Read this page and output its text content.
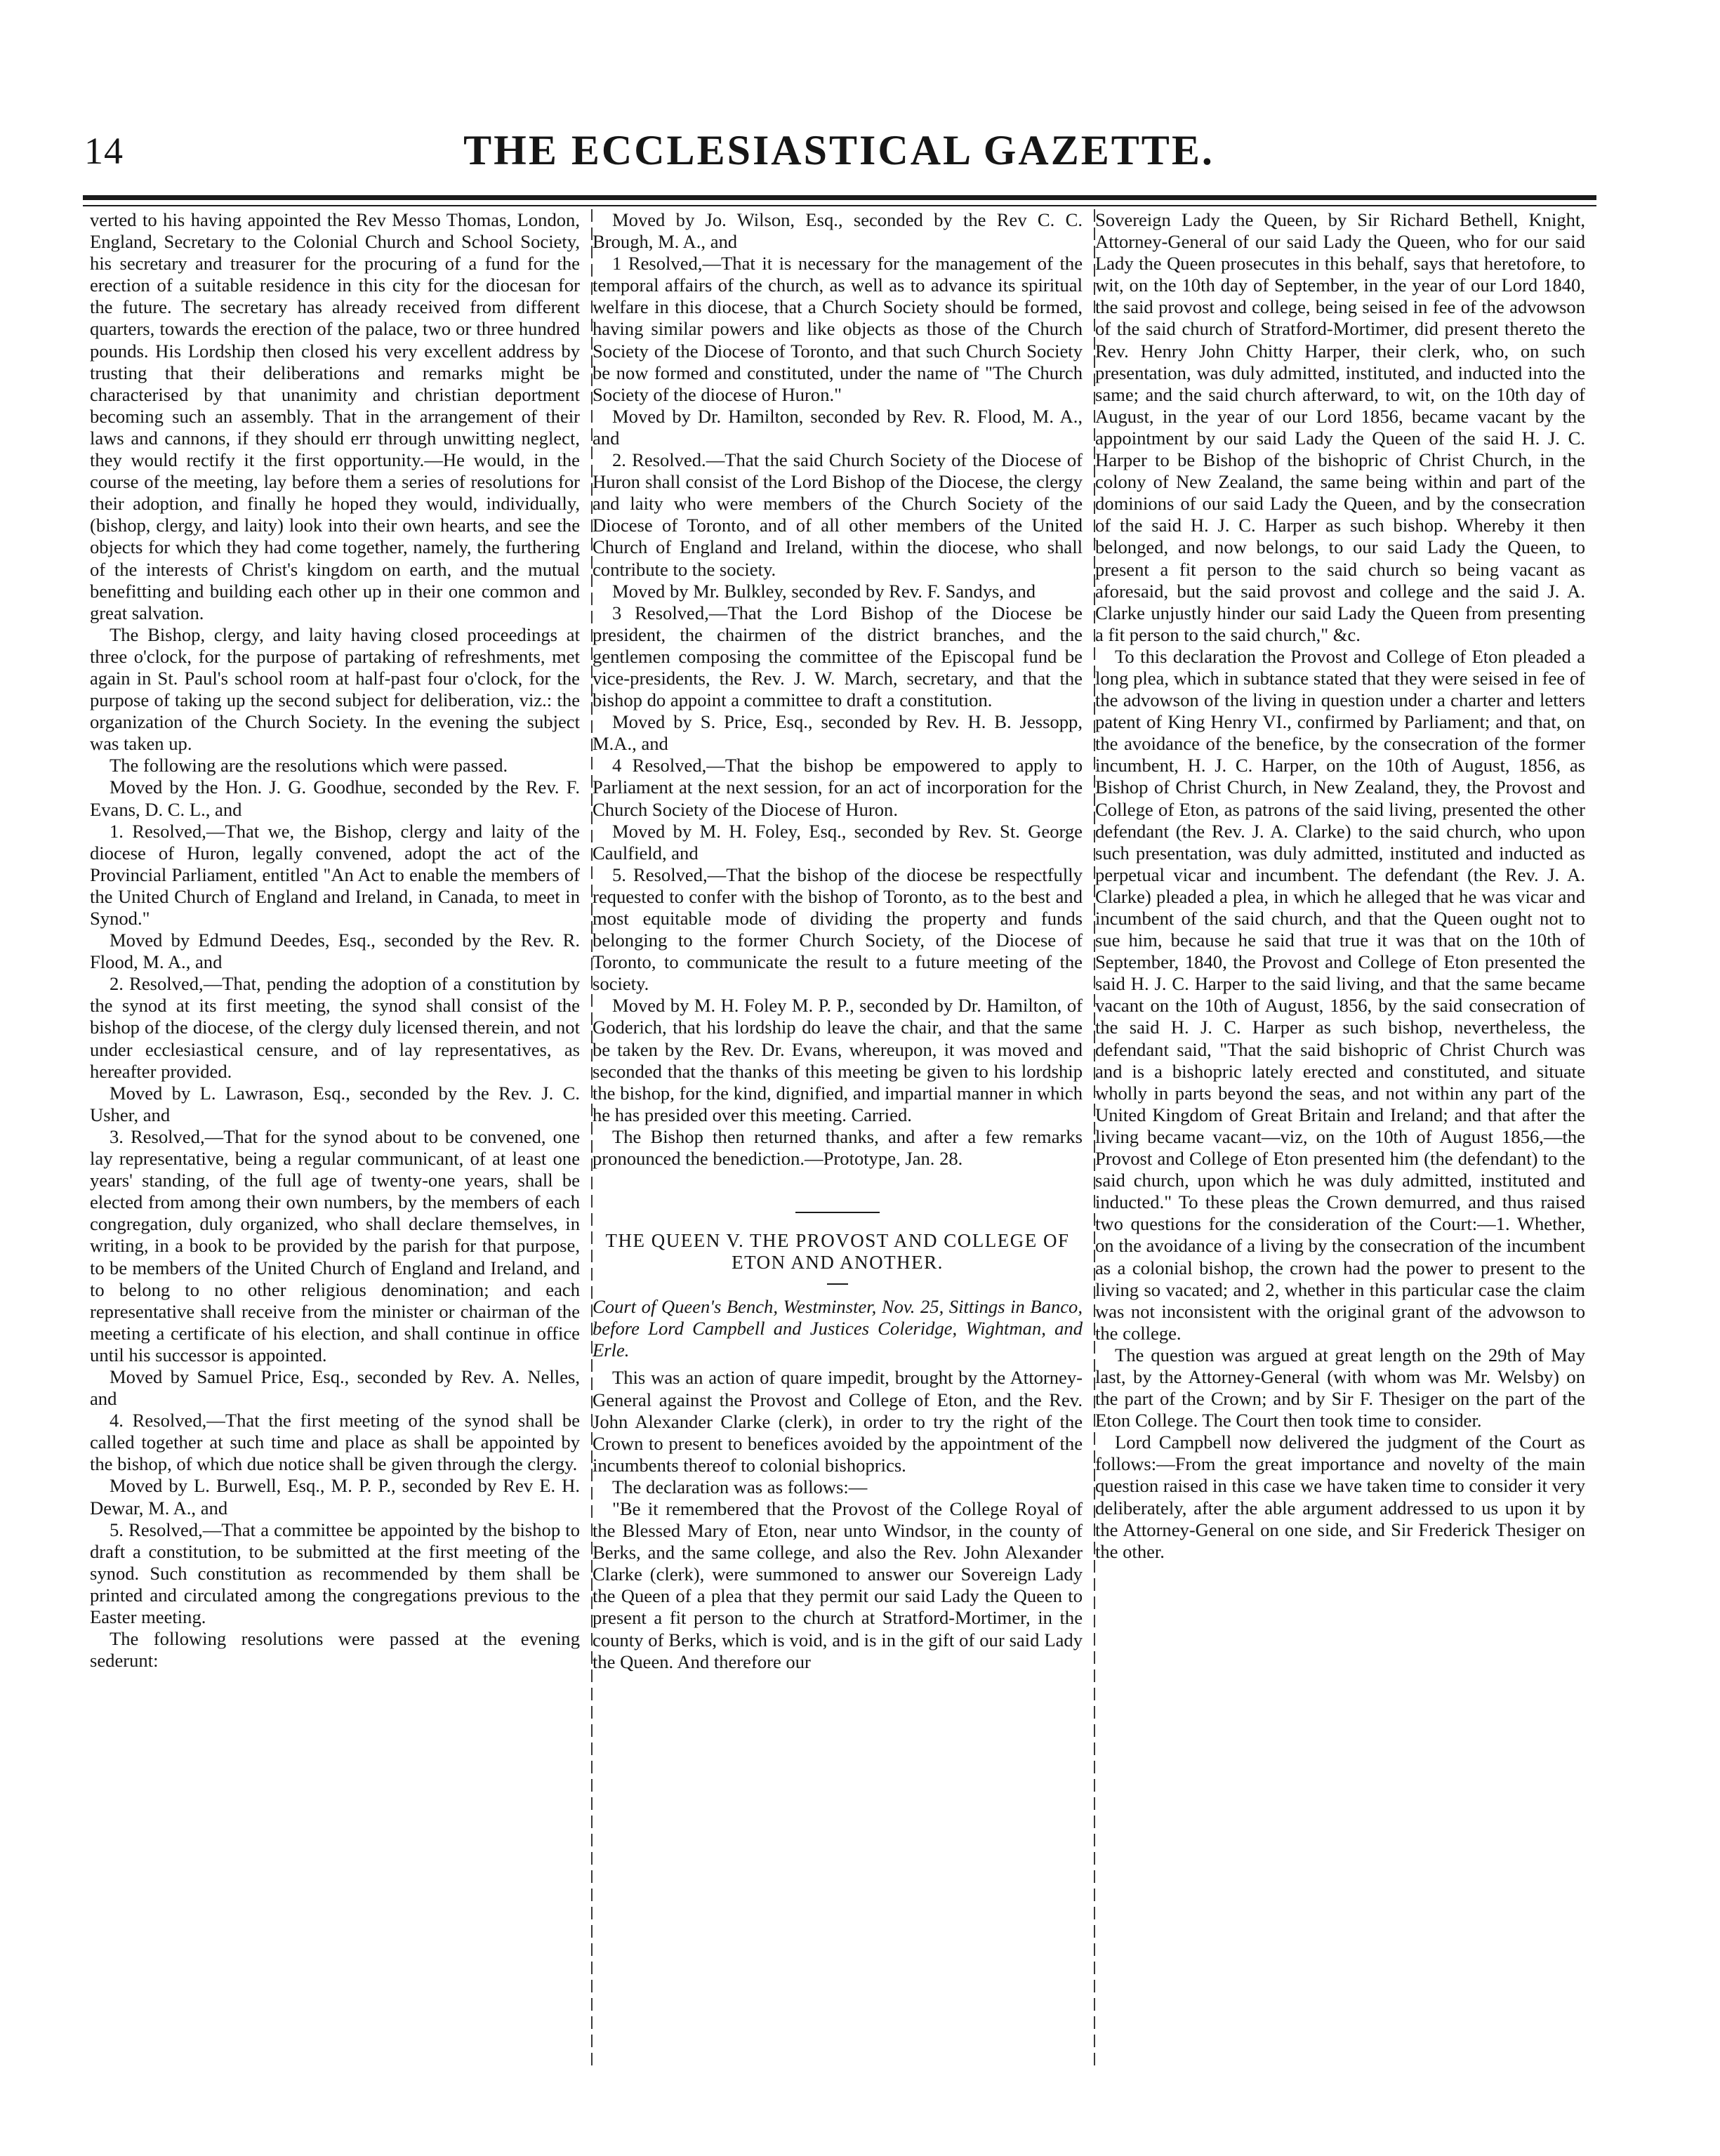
14	THE ECCLESIASTICAL GAZETTE.

verted to his having appointed the Rev Messo Thomas, London, England, Secretary to the Colonial Church and School Society, his secretary and treasurer for the procuring of a fund for the erection of a suitable residence in this city for the diocesan for the future. The secretary has already received from different quarters, towards the erection of the palace, two or three hundred pounds. His Lordship then closed his very excellent address by trusting that their deliberations and remarks might be characterised by that unanimity and christian deportment becoming such an assembly. That in the arrangement of their laws and cannons, if they should err through unwitting neglect, they would rectify it the first opportunity.—He would, in the course of the meeting, lay before them a series of resolutions for their adoption, and finally he hoped they would, individually, (bishop, clergy, and laity) look into their own hearts, and see the objects for which they had come together, namely, the furthering of the interests of Christ's kingdom on earth, and the mutual benefitting and building each other up in their one common and great salvation.

The Bishop, clergy, and laity having closed proceedings at three o'clock, for the purpose of partaking of refreshments, met again in St. Paul's school room at half-past four o'clock, for the purpose of taking up the second subject for deliberation, viz.: the organization of the Church Society. In the evening the subject was taken up.

The following are the resolutions which were passed.

Moved by the Hon. J. G. Goodhue, seconded by the Rev. F. Evans, D. C. L., and

1. Resolved,—That we, the Bishop, clergy and laity of the diocese of Huron, legally convened, adopt the act of the Provincial Parliament, entitled "An Act to enable the members of the United Church of England and Ireland, in Canada, to meet in Synod."

Moved by Edmund Deedes, Esq., seconded by the Rev. R. Flood, M. A., and

2. Resolved,—That, pending the adoption of a constitution by the synod at its first meeting, the synod shall consist of the bishop of the diocese, of the clergy duly licensed therein, and not under ecclesiastical censure, and of lay representatives, as hereafter provided.

Moved by L. Lawrason, Esq., seconded by the Rev. J. C. Usher, and

3. Resolved,—That for the synod about to be convened, one lay representative, being a regular communicant, of at least one years' standing, of the full age of twenty-one years, shall be elected from among their own numbers, by the members of each congregation, duly organized, who shall declare themselves, in writing, in a book to be provided by the parish for that purpose, to be members of the United Church of England and Ireland, and to belong to no other religious denomination; and each representative shall receive from the minister or chairman of the meeting a certificate of his election, and shall continue in office until his successor is appointed.

Moved by Samuel Price, Esq., seconded by Rev. A. Nelles, and

4. Resolved,—That the first meeting of the synod shall be called together at such time and place as shall be appointed by the bishop, of which due notice shall be given through the clergy.

Moved by L. Burwell, Esq., M. P. P., seconded by Rev E. H. Dewar, M. A., and

5. Resolved,—That a committee be appointed by the bishop to draft a constitution, to be submitted at the first meeting of the synod. Such constitution as recommended by them shall be printed and circulated among the congregations previous to the Easter meeting.

The following resolutions were passed at the evening sederunt:

Moved by Jo. Wilson, Esq., seconded by the Rev C. C. Brough, M. A., and

1 Resolved,—That it is necessary for the management of the temporal affairs of the church, as well as to advance its spiritual welfare in this diocese, that a Church Society should be formed, having similar powers and like objects as those of the Church Society of the Diocese of Toronto, and that such Church Society be now formed and constituted, under the name of "The Church Society of the diocese of Huron."

Moved by Dr. Hamilton, seconded by Rev. R. Flood, M. A., and

2. Resolved.—That the said Church Society of the Diocese of Huron shall consist of the Lord Bishop of the Diocese, the clergy and laity who were members of the Church Society of the Diocese of Toronto, and of all other members of the United Church of England and Ireland, within the diocese, who shall contribute to the society.

Moved by Mr. Bulkley, seconded by Rev. F. Sandys, and

3 Resolved,—That the Lord Bishop of the Diocese be president, the chairmen of the district branches, and the gentlemen composing the committee of the Episcopal fund be vice-presidents, the Rev. J. W. March, secretary, and that the bishop do appoint a committee to draft a constitution.

Moved by S. Price, Esq., seconded by Rev. H. B. Jessopp, M.A., and

4 Resolved,—That the bishop be empowered to apply to Parliament at the next session, for an act of incorporation for the Church Society of the Diocese of Huron.

Moved by M. H. Foley, Esq., seconded by Rev. St. George Caulfield, and

5. Resolved,—That the bishop of the diocese be respectfully requested to confer with the bishop of Toronto, as to the best and most equitable mode of dividing the property and funds belonging to the former Church Society, of the Diocese of Toronto, to communicate the result to a future meeting of the society.

Moved by M. H. Foley M. P. P., seconded by Dr. Hamilton, of Goderich, that his lordship do leave the chair, and that the same be taken by the Rev. Dr. Evans, whereupon, it was moved and seconded that the thanks of this meeting be given to his lordship the bishop, for the kind, dignified, and impartial manner in which he has presided over this meeting. Carried.

The Bishop then returned thanks, and after a few remarks pronounced the benediction.—Prototype, Jan. 28.

THE QUEEN V. THE PROVOST AND COLLEGE OF ETON AND ANOTHER.

Court of Queen's Bench, Westminster, Nov. 25, Sittings in Banco, before Lord Campbell and Justices Coleridge, Wightman, and Erle.

This was an action of quare impedit, brought by the Attorney-General against the Provost and College of Eton, and the Rev. John Alexander Clarke (clerk), in order to try the right of the Crown to present to benefices avoided by the appointment of the incumbents thereof to colonial bishoprics.

The declaration was as follows:—

"Be it remembered that the Provost of the College Royal of the Blessed Mary of Eton, near unto Windsor, in the county of Berks, and the same college, and also the Rev. John Alexander Clarke (clerk), were summoned to answer our Sovereign Lady the Queen of a plea that they permit our said Lady the Queen to present a fit person to the church at Stratford-Mortimer, in the county of Berks, which is void, and is in the gift of our said Lady the Queen. And therefore our

Sovereign Lady the Queen, by Sir Richard Bethell, Knight, Attorney-General of our said Lady the Queen, who for our said Lady the Queen prosecutes in this behalf, says that heretofore, to wit, on the 10th day of September, in the year of our Lord 1840, the said provost and college, being seised in fee of the advowson of the said church of Stratford-Mortimer, did present thereto the Rev. Henry John Chitty Harper, their clerk, who, on such presentation, was duly admitted, instituted, and inducted into the same; and the said church afterward, to wit, on the 10th day of August, in the year of our Lord 1856, became vacant by the appointment by our said Lady the Queen of the said H. J. C. Harper to be Bishop of the bishopric of Christ Church, in the colony of New Zealand, the same being within and part of the dominions of our said Lady the Queen, and by the consecration of the said H. J. C. Harper as such bishop. Whereby it then belonged, and now belongs, to our said Lady the Queen, to present a fit person to the said church so being vacant as aforesaid, but the said provost and college and the said J. A. Clarke unjustly hinder our said Lady the Queen from presenting a fit person to the said church," &c.

To this declaration the Provost and College of Eton pleaded a long plea, which in subtance stated that they were seised in fee of the advowson of the living in question under a charter and letters patent of King Henry VI., confirmed by Parliament; and that, on the avoidance of the benefice, by the consecration of the former incumbent, H. J. C. Harper, on the 10th of August, 1856, as Bishop of Christ Church, in New Zealand, they, the Provost and College of Eton, as patrons of the said living, presented the other defendant (the Rev. J. A. Clarke) to the said church, who upon such presentation, was duly admitted, instituted and inducted as perpetual vicar and incumbent. The defendant (the Rev. J. A. Clarke) pleaded a plea, in which he alleged that he was vicar and incumbent of the said church, and that the Queen ought not to sue him, because he said that true it was that on the 10th of September, 1840, the Provost and College of Eton presented the said H. J. C. Harper to the said living, and that the same became vacant on the 10th of August, 1856, by the said consecration of the said H. J. C. Harper as such bishop, nevertheless, the defendant said, "That the said bishopric of Christ Church was and is a bishopric lately erected and constituted, and situate wholly in parts beyond the seas, and not within any part of the United Kingdom of Great Britain and Ireland; and that after the living became vacant—viz, on the 10th of August 1856,—the Provost and College of Eton presented him (the defendant) to the said church, upon which he was duly admitted, instituted and inducted." To these pleas the Crown demurred, and thus raised two questions for the consideration of the Court:—1. Whether, on the avoidance of a living by the consecration of the incumbent as a colonial bishop, the crown had the power to present to the living so vacated; and 2, whether in this particular case the claim was not inconsistent with the original grant of the advowson to the college.

The question was argued at great length on the 29th of May last, by the Attorney-General (with whom was Mr. Welsby) on the part of the Crown; and by Sir F. Thesiger on the part of the Eton College. The Court then took time to consider.

Lord Campbell now delivered the judgment of the Court as follows:—From the great importance and novelty of the main question raised in this case we have taken time to consider it very deliberately, after the able argument addressed to us upon it by the Attorney-General on one side, and Sir Frederick Thesiger on the other.
